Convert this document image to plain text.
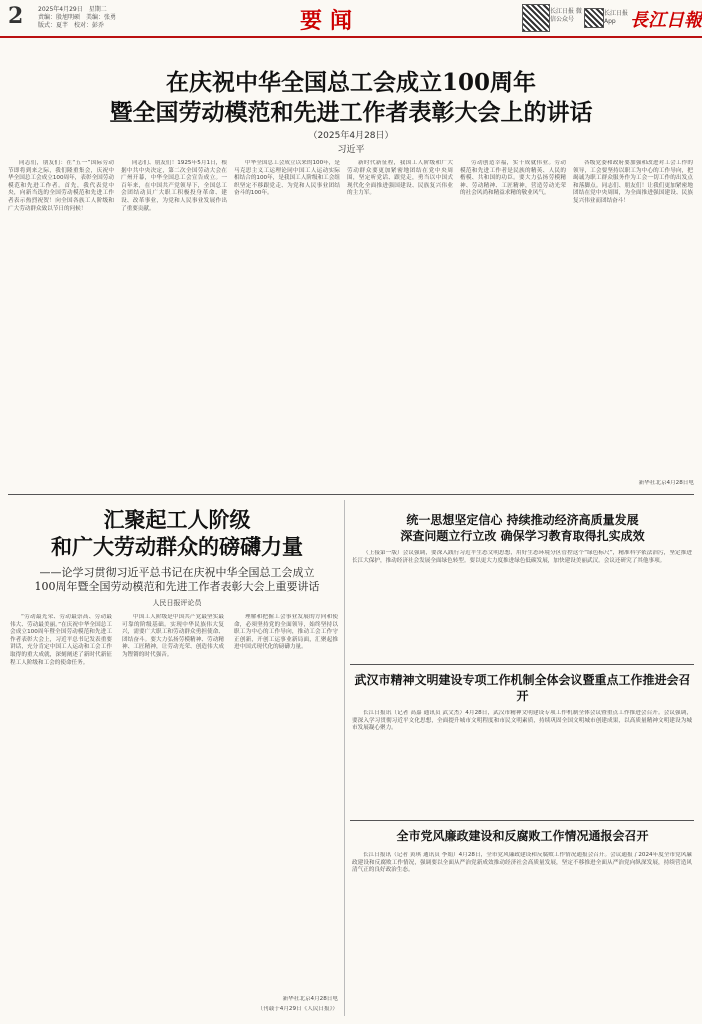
2 2025年4月29日　星期二
责编：殷旭明硕　美编：张勇
版式：夏芊　校对：彭乔	要闻	长江日报 微信公众号	長江日報
长江日报 App
在庆祝中华全国总工会成立100周年
暨全国劳动模范和先进工作者表彰大会上的讲话
（2025年4月28日）
习近平

同志们，朋友们：在“五一”国际劳动节即将到来之际，我们隆重集会，庆祝中华全国总工会成立100周年，表彰全国劳动模范和先进工作者。首先，我代表党中央，向新当选的全国劳动模范和先进工作者表示热烈祝贺！向全国各族工人阶级和广大劳动群众致以节日的问候！

同志们、朋友们！1925年5月1日，根据中共中央决定，第二次全国劳动大会在广州开幕，中华全国总工会宣告成立。一百年来，在中国共产党领导下，全国总工会团结动员广大职工积极投身革命、建设、改革事业，为党和人民事业发展作出了重要贡献。

中华全国总工会成立以来的100年，是马克思主义工运理论同中国工人运动实际相结合的100年，是我国工人阶级和工会组织坚定不移跟党走、为党和人民事业团结奋斗的100年。

新时代新征程，我国工人阶级和广大劳动群众要更加紧密地团结在党中央周围，坚定听党话、跟党走，勇当以中国式现代化全面推进强国建设、民族复兴伟业的主力军。

劳动创造幸福，实干成就伟业。劳动模范和先进工作者是民族的精英、人民的楷模、共和国的功臣。要大力弘扬劳模精神、劳动精神、工匠精神，营造劳动光荣的社会风尚和精益求精的敬业风气。

各级党委和政府要加强和改进对工会工作的领导，工会要坚持以职工为中心的工作导向，把竭诚为职工群众服务作为工会一切工作的出发点和落脚点。同志们、朋友们！让我们更加紧密地团结在党中央周围，为全面推进强国建设、民族复兴伟业而团结奋斗！

新华社北京4月28日电
汇聚起工人阶级
和广大劳动群众的磅礴力量
——论学习贯彻习近平总书记在庆祝中华全国总工会成立
100周年暨全国劳动模范和先进工作者表彰大会上重要讲话
人民日报评论员

“劳动最光荣、劳动最崇高、劳动最伟大、劳动最美丽。”在庆祝中华全国总工会成立100周年暨全国劳动模范和先进工作者表彰大会上，习近平总书记发表重要讲话，充分肯定中国工人运动和工会工作取得的重大成就，深刻阐述了新时代新征程工人阶级和工会的使命任务。

中国工人阶级是中国共产党最坚实最可靠的阶级基础。实现中华民族伟大复兴，需要广大职工和劳动群众勇担使命、团结奋斗。要大力弘扬劳模精神、劳动精神、工匠精神，让劳动光荣、创造伟大成为铿锵的时代强音。

理解和把握工会事业发展的方向和使命，必须坚持党的全面领导，始终坚持以职工为中心的工作导向，推动工会工作守正创新，开创工运事业新局面，汇聚起推进中国式现代化的磅礴力量。

新华社北京4月28日电
（刊载于4月29日《人民日报》）
统一思想坚定信心 持续推动经济高质量发展
深查问题立行立改 确保学习教育取得扎实成效

（上接第一版）会议强调，要深入践行习近平生态文明思想，用好生态环境分区管控这个“绿色标尺”，精准科学依法治污，坚定推进长江大保护，推动经济社会发展全面绿色转型。要以更大力度推进绿色低碳发展，加快建设美丽武汉。会议还研究了其他事项。

武汉市精神文明建设专项工作机制全体会议暨重点工作推进会召开

长江日报讯（记者 高嘉 通讯员 武文杰）4月28日，武汉市精神文明建设专项工作机制全体会议暨重点工作推进会召开。会议强调，要深入学习贯彻习近平文化思想，全面提升城市文明程度和市民文明素质，持续巩固全国文明城市创建成果，以高质量精神文明建设为城市发展凝心聚力。

全市党风廉政建设和反腐败工作情况通报会召开

长江日报讯（记者 黄琪 通讯员 李娟）4月28日，全市党风廉政建设和反腐败工作情况通报会召开。会议通报了2024年度全市党风廉政建设和反腐败工作情况，强调要以全面从严治党新成效推动经济社会高质量发展，坚定不移推进全面从严治党向纵深发展，持续营造风清气正的良好政治生态。
